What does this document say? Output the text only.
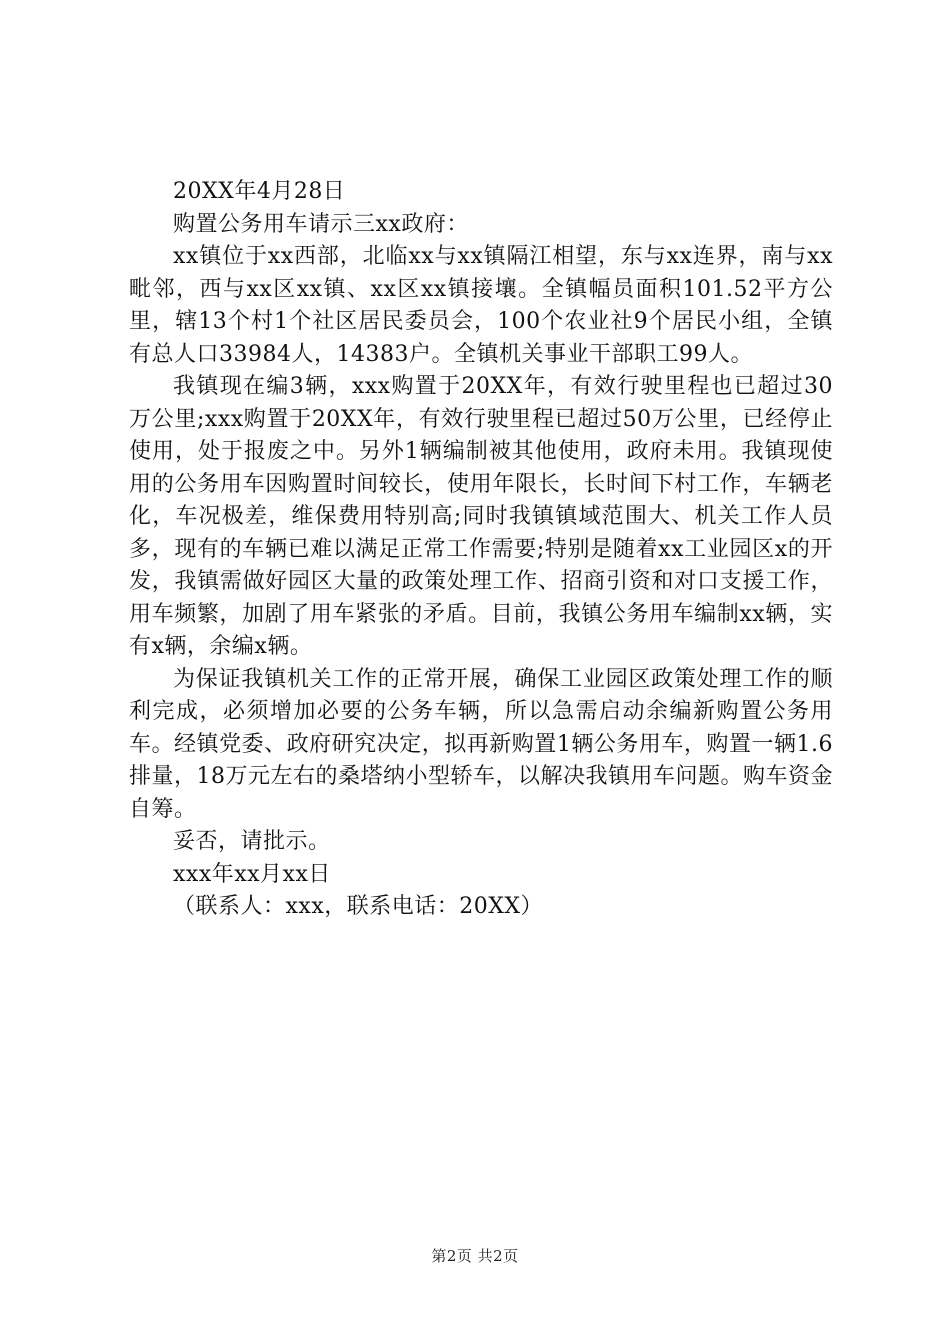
20XX年4月28日
购置公务用车请示三xx政府：
xx镇位于xx西部，北临xx与xx镇隔江相望，东与xx连界，南与xx毗邻，西与xx区xx镇、xx区xx镇接壤。全镇幅员面积101.52平方公里，辖13个村1个社区居民委员会，100个农业社9个居民小组，全镇有总人口33984人，14383户。全镇机关事业干部职工99人。
我镇现在编3辆，xxx购置于20XX年，有效行驶里程也已超过30万公里;xxx购置于20XX年，有效行驶里程已超过50万公里，已经停止使用，处于报废之中。另外1辆编制被其他使用，政府未用。我镇现使用的公务用车因购置时间较长，使用年限长，长时间下村工作，车辆老化，车况极差，维保费用特别高;同时我镇镇域范围大、机关工作人员多，现有的车辆已难以满足正常工作需要;特别是随着xx工业园区x的开发，我镇需做好园区大量的政策处理工作、招商引资和对口支援工作，用车频繁，加剧了用车紧张的矛盾。目前，我镇公务用车编制xx辆，实有x辆，余编x辆。
为保证我镇机关工作的正常开展，确保工业园区政策处理工作的顺利完成，必须增加必要的公务车辆，所以急需启动余编新购置公务用车。经镇党委、政府研究决定，拟再新购置1辆公务用车，购置一辆1.6排量，18万元左右的桑塔纳小型轿车，以解决我镇用车问题。购车资金自筹。
妥否，请批示。
xxx年xx月xx日
（联系人：xxx，联系电话：20XX）
第2页 共2页
